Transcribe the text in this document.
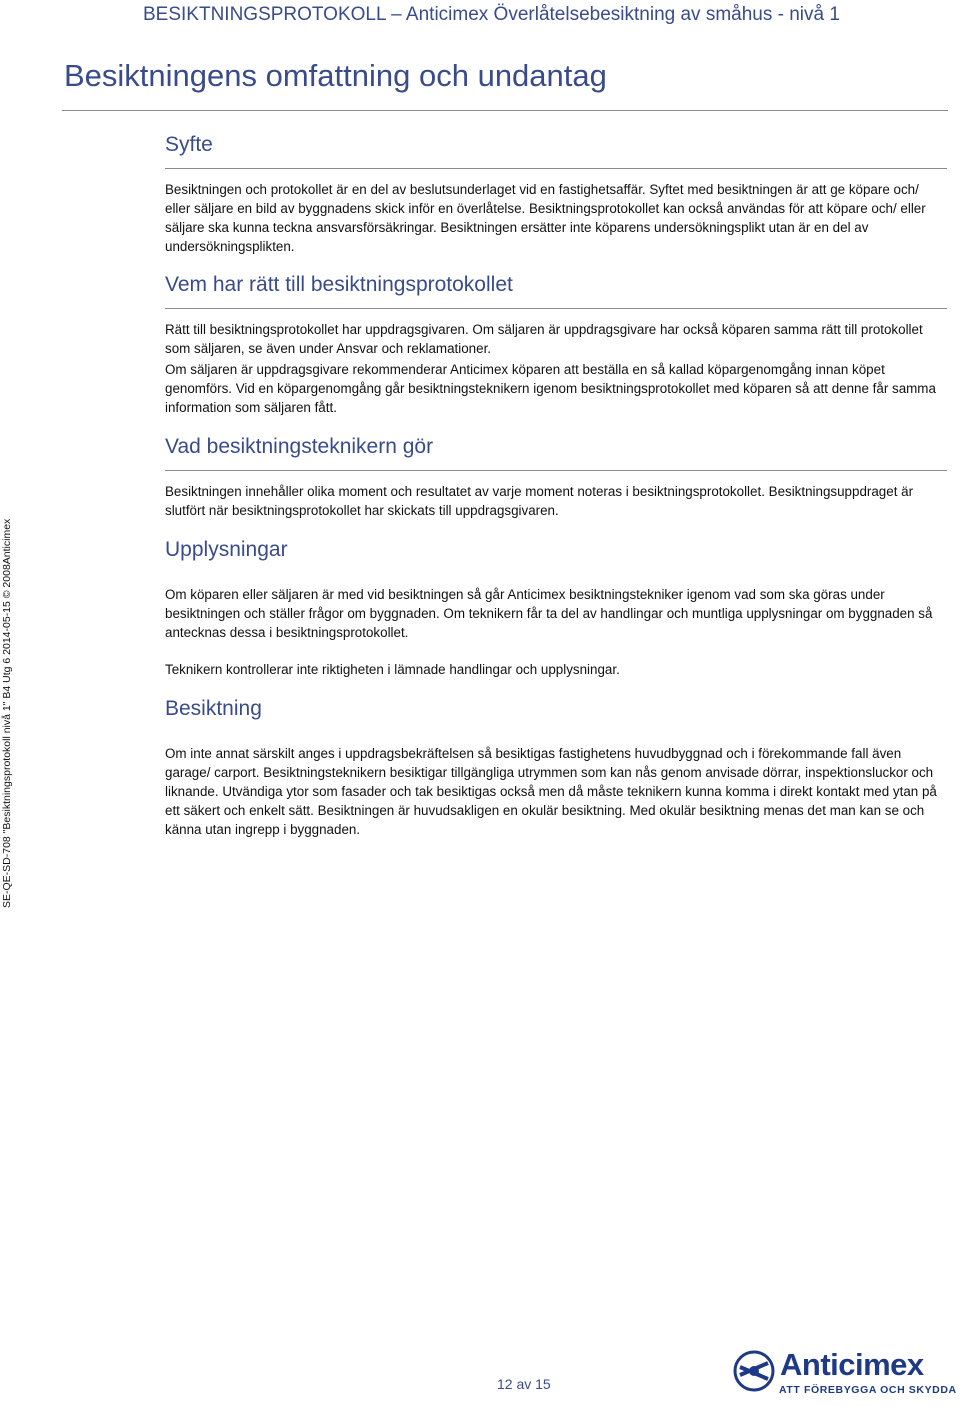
BESIKTNINGSPROTOKOLL – Anticimex Överlåtelsebesiktning av småhus - nivå 1
Besiktningens omfattning och undantag
Syfte

Besiktningen och protokollet är en del av beslutsunderlaget vid en fastighetsaffär. Syftet med besiktningen är att ge köpare och/ eller säljare en bild av byggnadens skick inför en överlåtelse. Besiktningsprotokollet kan också användas för att köpare och/ eller säljare ska kunna teckna ansvarsförsäkringar. Besiktningen ersätter inte köparens undersökningsplikt utan är en del av undersökningsplikten.

Vem har rätt till besiktningsprotokollet

Rätt till besiktningsprotokollet har uppdragsgivaren. Om säljaren är uppdragsgivare har också köparen samma rätt till protokollet som säljaren, se även under Ansvar och reklamationer.

Om säljaren är uppdragsgivare rekommenderar Anticimex köparen att beställa en så kallad köpargenomgång innan köpet genomförs. Vid en köpargenomgång går besiktningsteknikern igenom besiktningsprotokollet med köparen så att denne får samma information som säljaren fått.

Vad besiktningsteknikern gör

Besiktningen innehåller olika moment och resultatet av varje moment noteras i besiktningsprotokollet. Besiktningsuppdraget är slutfört när besiktningsprotokollet har skickats till uppdragsgivaren.

Upplysningar

Om köparen eller säljaren är med vid besiktningen så går Anticimex besiktningstekniker igenom vad som ska göras under besiktningen och ställer frågor om byggnaden. Om teknikern får ta del av handlingar och muntliga upplysningar om byggnaden så antecknas dessa i besiktningsprotokollet.

Teknikern kontrollerar inte riktigheten i lämnade handlingar och upplysningar.

Besiktning

Om inte annat särskilt anges i uppdragsbekräftelsen så besiktigas fastighetens huvudbyggnad och i förekommande fall även garage/ carport. Besiktningsteknikern besiktigar tillgängliga utrymmen som kan nås genom anvisade dörrar, inspektionsluckor och liknande. Utvändiga ytor som fasader och tak besiktigas också men då måste teknikern kunna komma i direkt kontakt med ytan på ett säkert och enkelt sätt. Besiktningen är huvudsakligen en okulär besiktning. Med okulär besiktning menas det man kan se och känna utan ingrepp i byggnaden.

SE-QE-SD-708 "Besiktningsprotokoll nivå 1" B4 Utg 6 2014-05-15 © 2008Anticimex
12 av 15
Anticimex
ATT FÖREBYGGA OCH SKYDDA
